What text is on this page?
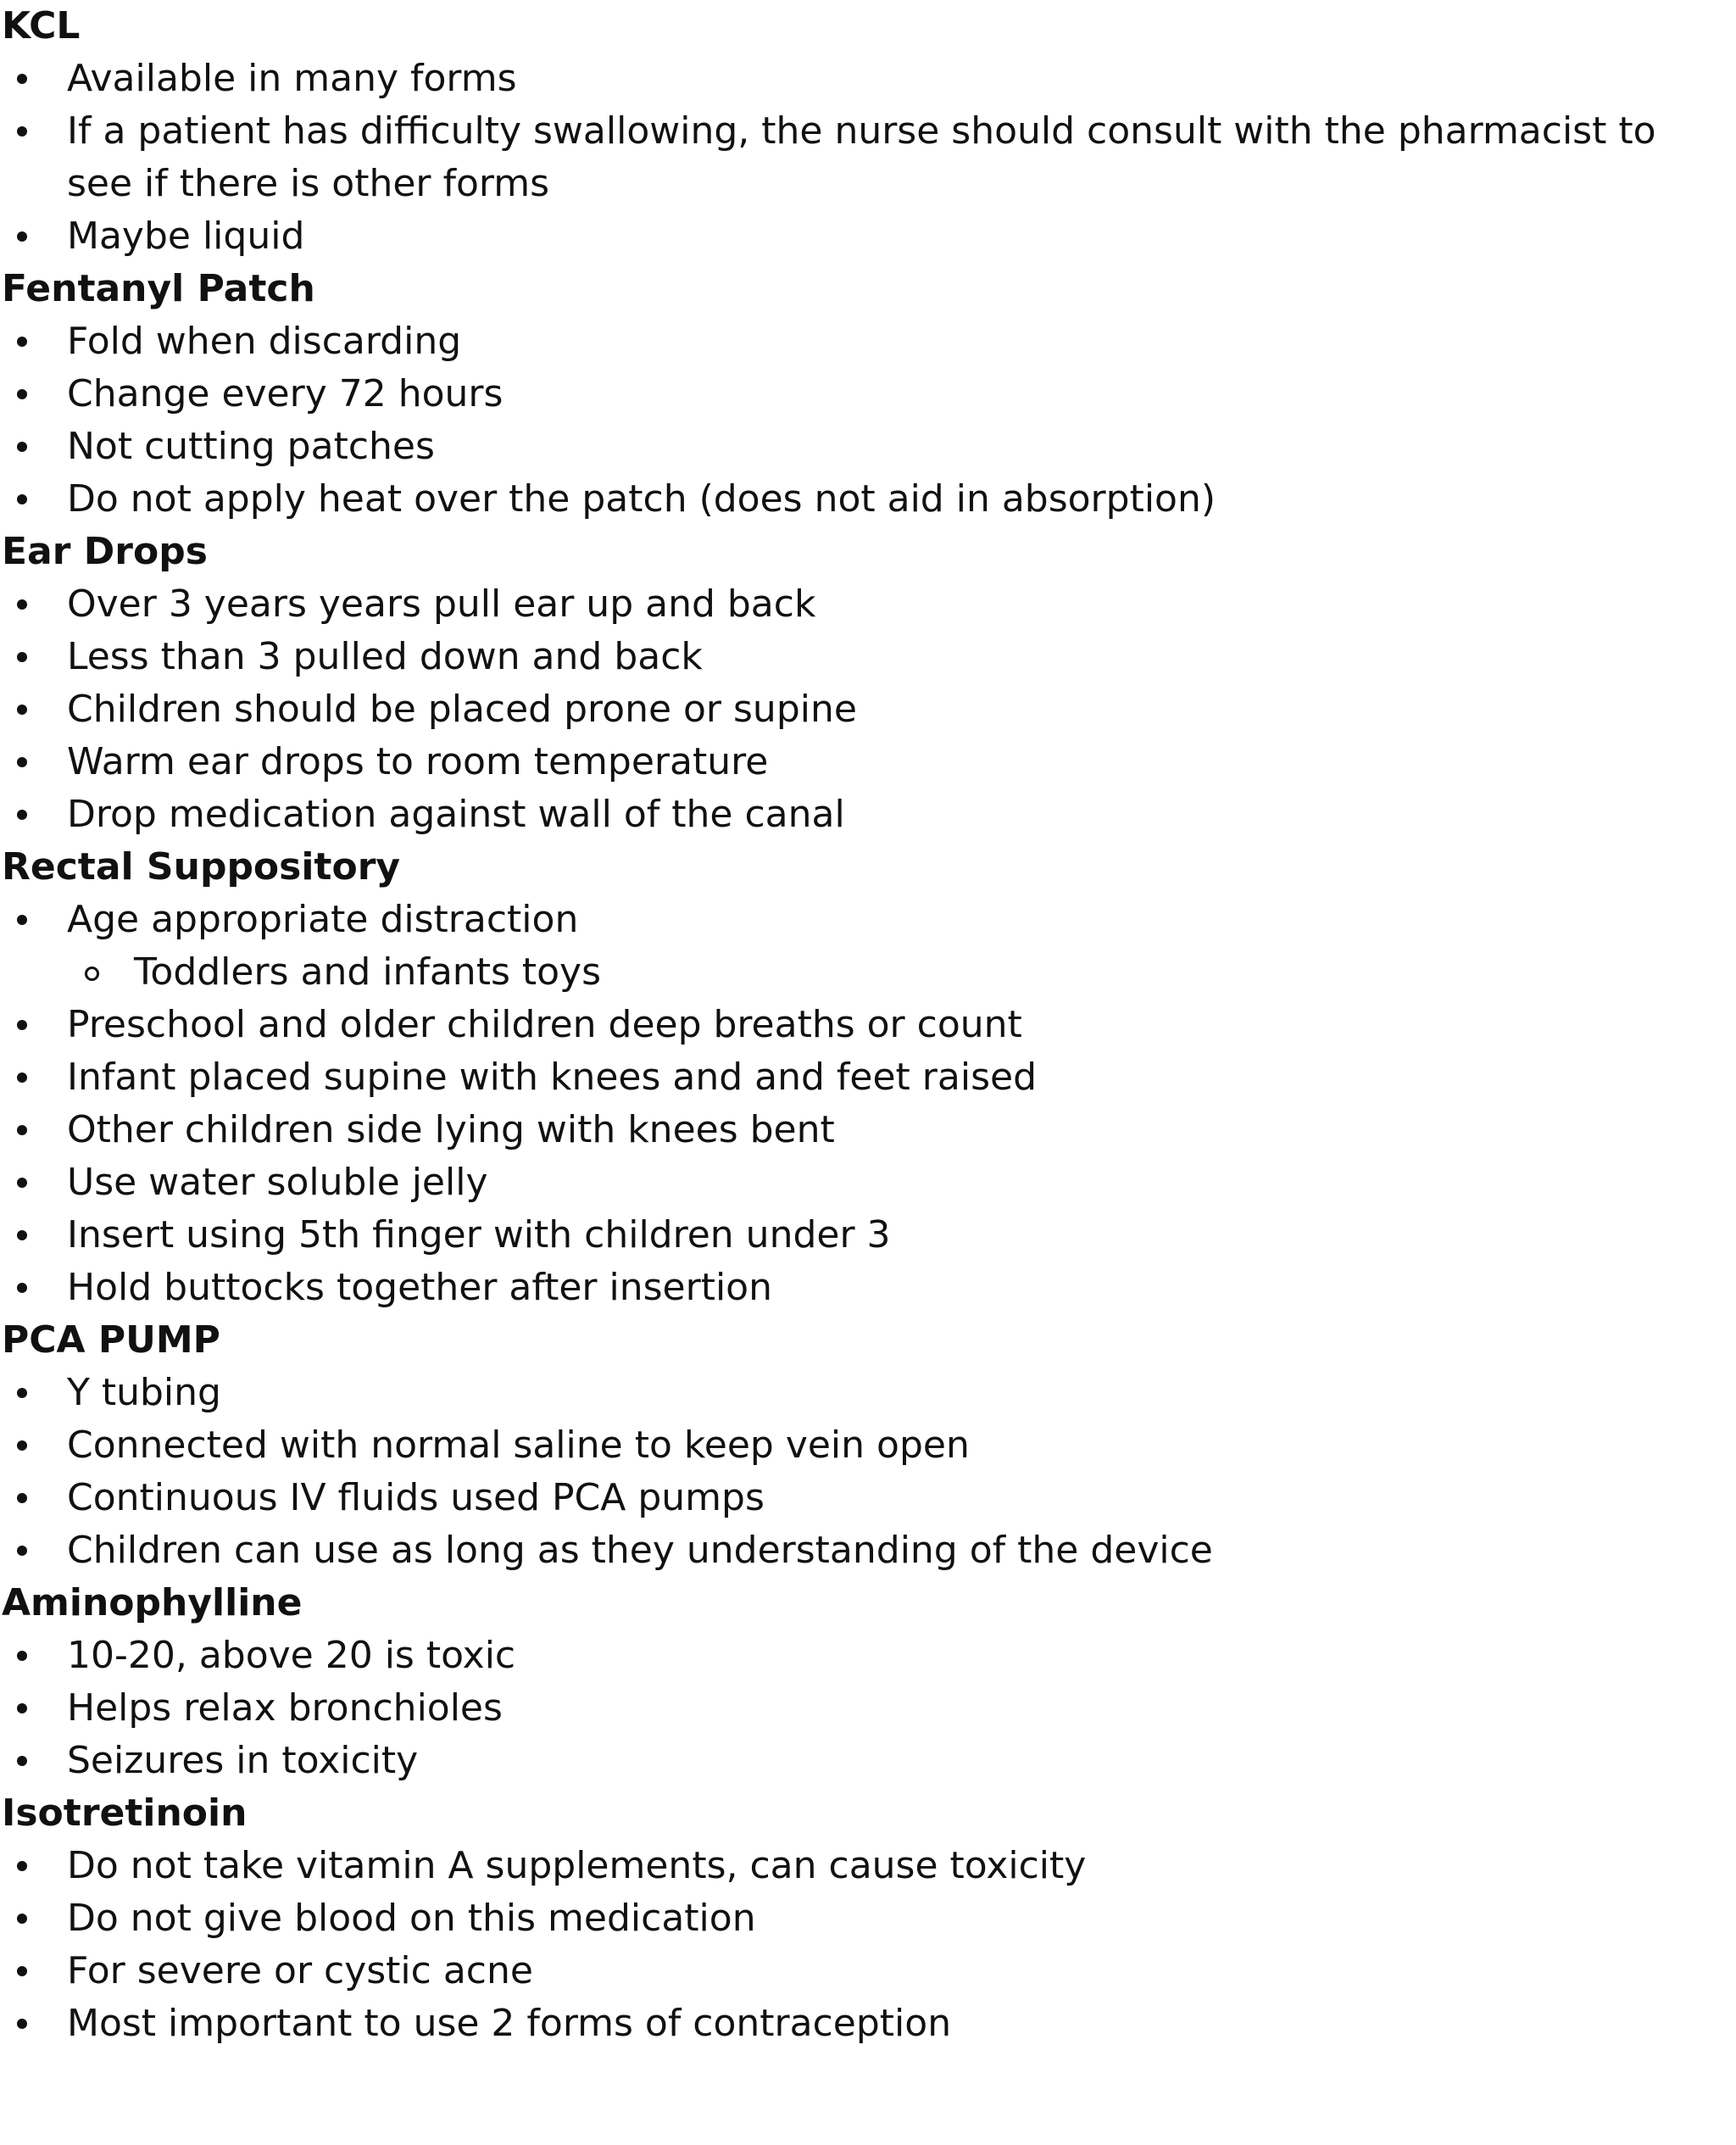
KCL
Available in many forms
If a patient has difficulty swallowing, the nurse should consult with the pharmacist to see if there is other forms
Maybe liquid
Fentanyl Patch
Fold when discarding
Change every 72 hours
Not cutting patches
Do not apply heat over the patch (does not aid in absorption)
Ear Drops
Over 3 years years pull ear up and back
Less than 3 pulled down and back
Children should be placed prone or supine
Warm ear drops to room temperature
Drop medication against wall of the canal
Rectal Suppository
Age appropriate distraction
Toddlers and infants toys
Preschool and older children deep breaths or count
Infant placed supine with knees and and feet raised
Other children side lying with knees bent
Use water soluble jelly
Insert using 5th finger with children under 3
Hold buttocks together after insertion
PCA PUMP
Y tubing
Connected with normal saline to keep vein open
Continuous IV fluids used PCA pumps
Children can use as long as they understanding of the device
Aminophylline
10-20, above 20 is toxic
Helps relax bronchioles
Seizures in toxicity
Isotretinoin
Do not take vitamin A supplements, can cause toxicity
Do not give blood on this medication
For severe or cystic acne
Most important to use 2 forms of contraception
